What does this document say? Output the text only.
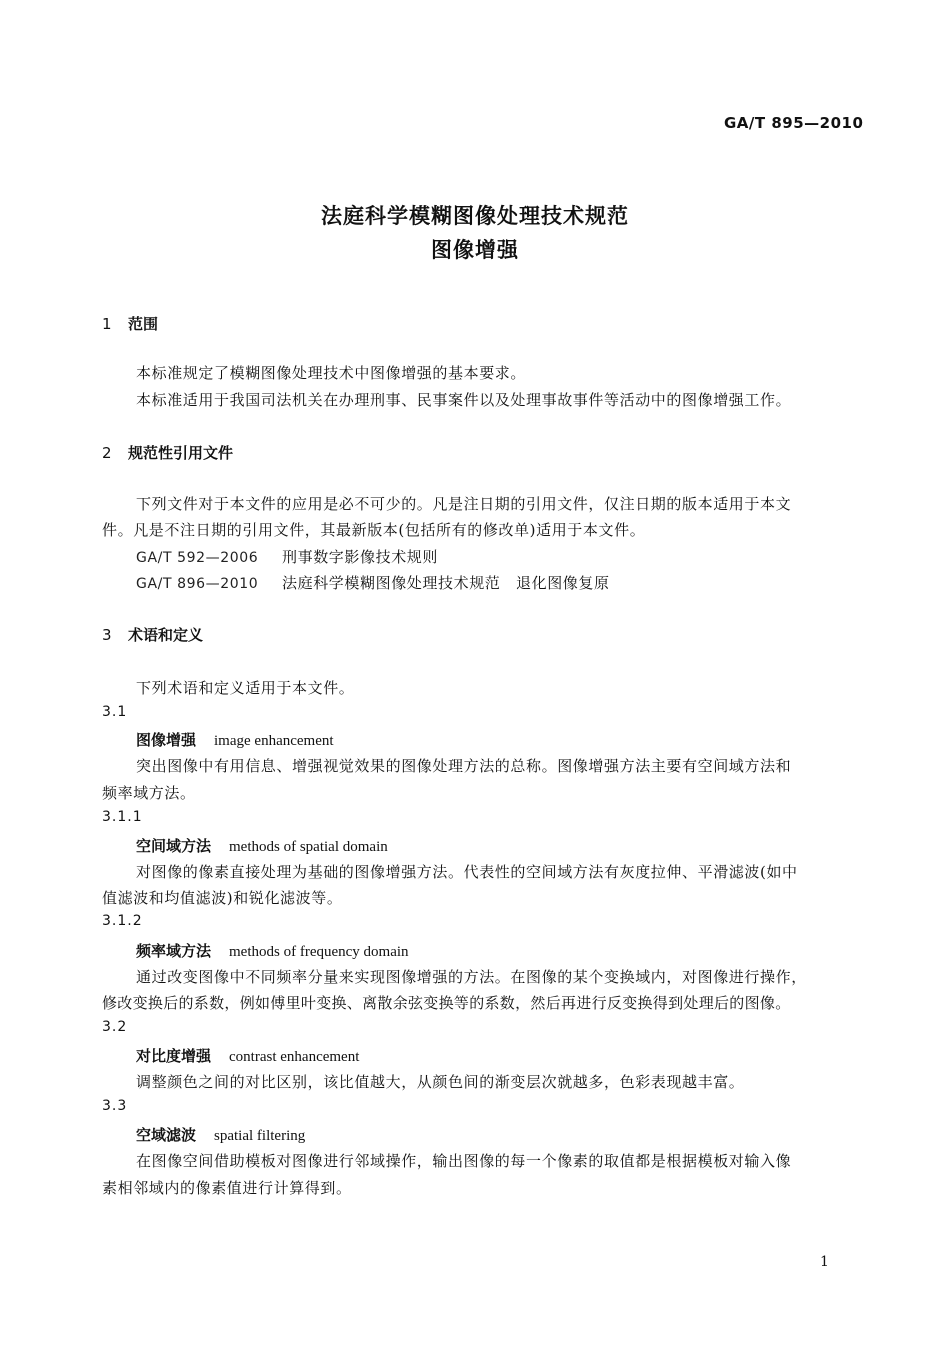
GA/T 895—2010
法庭科学模糊图像处理技术规范
图像增强
1 范围
本标准规定了模糊图像处理技术中图像增强的基本要求。
本标准适用于我国司法机关在办理刑事、民事案件以及处理事故事件等活动中的图像增强工作。
2 规范性引用文件
下列文件对于本文件的应用是必不可少的。凡是注日期的引用文件，仅注日期的版本适用于本文
件。凡是不注日期的引用文件，其最新版本(包括所有的修改单)适用于本文件。
GA/T 592—2006 刑事数字影像技术规则
GA/T 896—2010 法庭科学模糊图像处理技术规范　退化图像复原
3 术语和定义
下列术语和定义适用于本文件。
3.1
图像增强 image enhancement
突出图像中有用信息、增强视觉效果的图像处理方法的总称。图像增强方法主要有空间域方法和
频率域方法。
3.1.1
空间域方法 methods of spatial domain
对图像的像素直接处理为基础的图像增强方法。代表性的空间域方法有灰度拉伸、平滑滤波(如中
值滤波和均值滤波)和锐化滤波等。
3.1.2
频率域方法 methods of frequency domain
通过改变图像中不同频率分量来实现图像增强的方法。在图像的某个变换域内，对图像进行操作，
修改变换后的系数，例如傅里叶变换、离散余弦变换等的系数，然后再进行反变换得到处理后的图像。
3.2
对比度增强 contrast enhancement
调整颜色之间的对比区别，该比值越大，从颜色间的渐变层次就越多，色彩表现越丰富。
3.3
空域滤波 spatial filtering
在图像空间借助模板对图像进行邻域操作，输出图像的每一个像素的取值都是根据模板对输入像
素相邻域内的像素值进行计算得到。
1
